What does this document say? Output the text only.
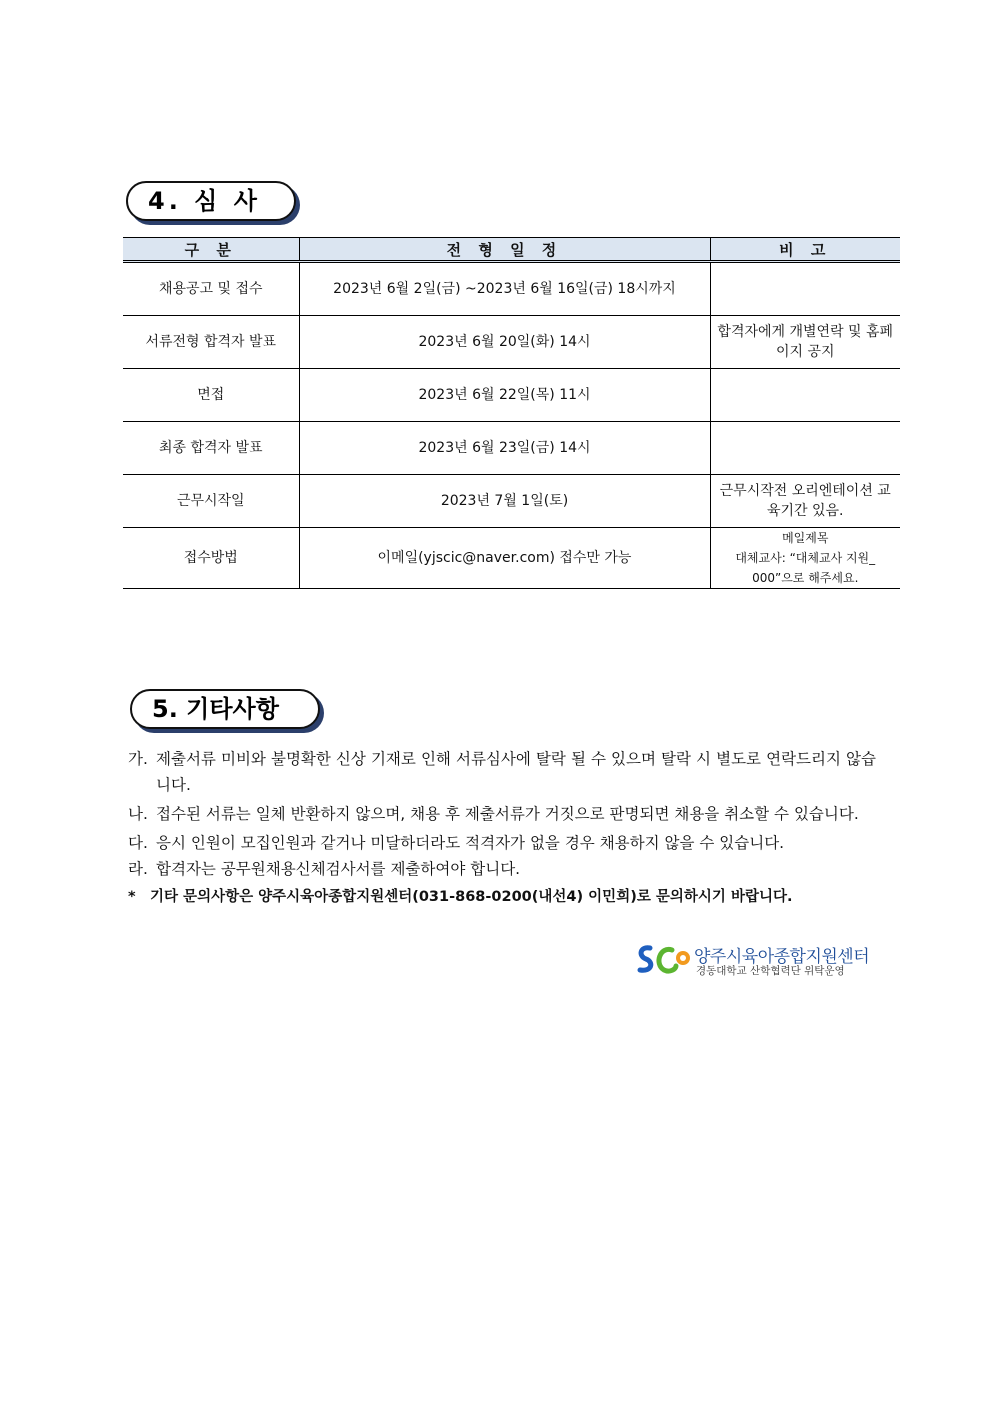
4. 심 사
구 분	전 형 일 정	비 고
채용공고 및 접수	2023년 6월 2일(금) ~2023년 6월 16일(금) 18시까지	
서류전형 합격자 발표	2023년 6월 20일(화) 14시	합격자에게 개별연락 및 홈페이지 공지
면접	2023년 6월 22일(목) 11시	
최종 합격자 발표	2023년 6월 23일(금) 14시	
근무시작일	2023년 7월 1일(토)	근무시작전 오리엔테이션 교육기간 있음.
접수방법	이메일(yjscic@naver.com) 접수만 가능	메일제목
대체교사: “대체교사 지원_
000”으로 해주세요.
5. 기타사항
가. 제출서류 미비와 불명확한 신상 기재로 인해 서류심사에 탈락 될 수 있으며 탈락 시 별도로 연락드리지 않습니다.
나. 접수된 서류는 일체 반환하지 않으며, 채용 후 제출서류가 거짓으로 판명되면 채용을 취소할 수 있습니다.
다. 응시 인원이 모집인원과 같거나 미달하더라도 적격자가 없을 경우 채용하지 않을 수 있습니다.
라. 합격자는 공무원채용신체검사서를 제출하여야 합니다.
* 기타 문의사항은 양주시육아종합지원센터(031-868-0200(내선4) 이민희)로 문의하시기 바랍니다.
양주시육아종합지원센터
경동대학교 산학협력단 위탁운영
